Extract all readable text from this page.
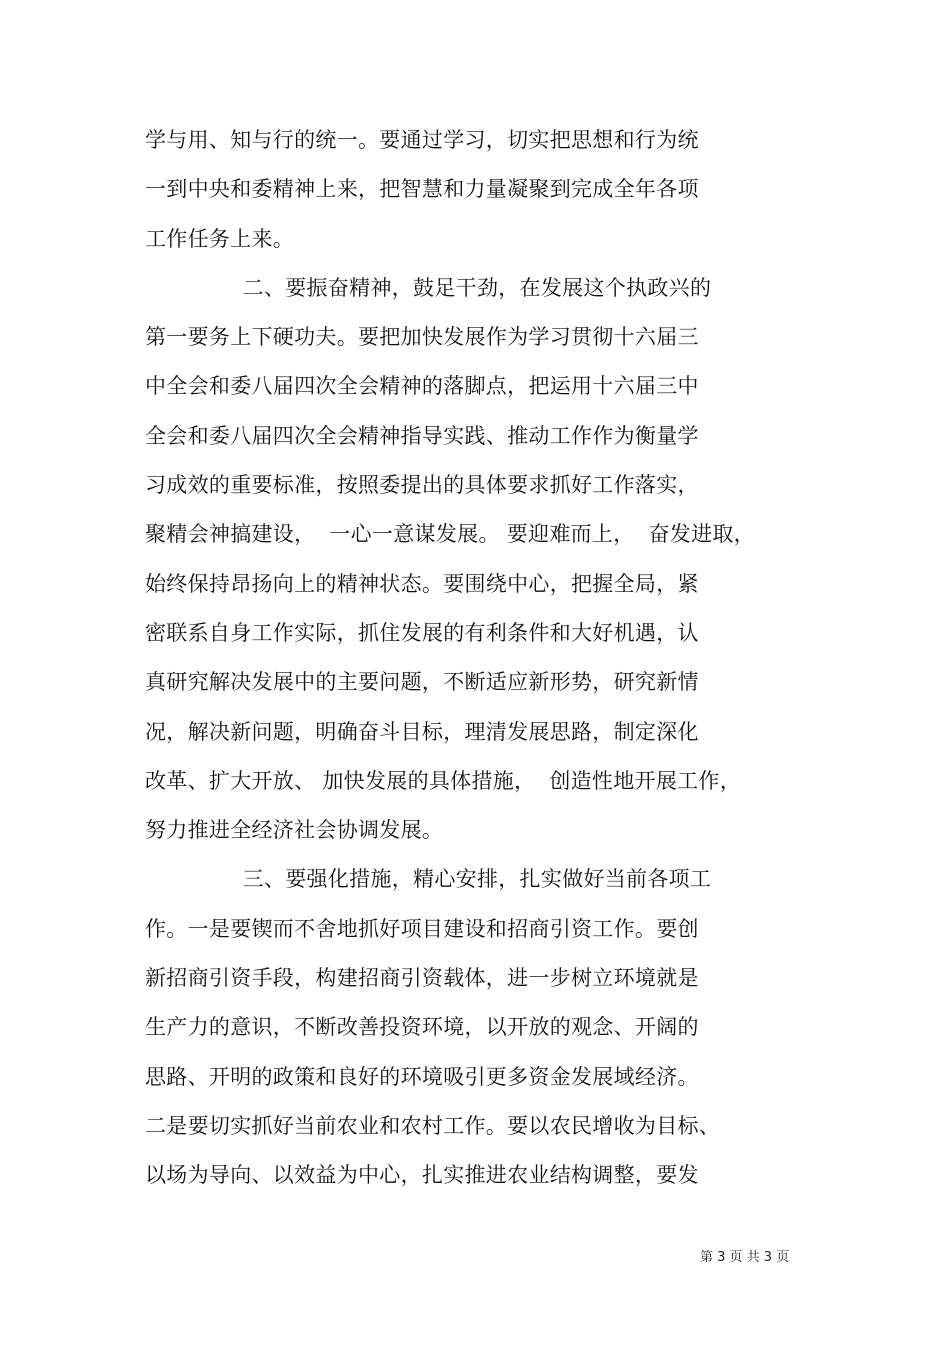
学与用、知与行的统一。要通过学习，切实把思想和行为统
一到中央和委精神上来，把智慧和力量凝聚到完成全年各项
工作任务上来。
二、要振奋精神，鼓足干劲，在发展这个执政兴的
第一要务上下硬功夫。要把加快发展作为学习贯彻十六届三
中全会和委八届四次全会精神的落脚点，把运用十六届三中
全会和委八届四次全会精神指导实践、推动工作作为衡量学
习成效的重要标准，按照委提出的具体要求抓好工作落实，
聚精会神搞建设，  一心一意谋发展。 要迎难而上，  奋发进取，
始终保持昂扬向上的精神状态。要围绕中心，把握全局，紧
密联系自身工作实际，抓住发展的有利条件和大好机遇，认
真研究解决发展中的主要问题，不断适应新形势，研究新情
况，解决新问题，明确奋斗目标，理清发展思路，制定深化
改革、扩大开放、 加快发展的具体措施，  创造性地开展工作，
努力推进全经济社会协调发展。
三、要强化措施，精心安排，扎实做好当前各项工
作。一是要锲而不舍地抓好项目建设和招商引资工作。要创
新招商引资手段，构建招商引资载体，进一步树立环境就是
生产力的意识，不断改善投资环境，以开放的观念、开阔的
思路、开明的政策和良好的环境吸引更多资金发展域经济。
二是要切实抓好当前农业和农村工作。要以农民增收为目标、
以场为导向、以效益为中心，扎实推进农业结构调整，要发
第 3 页 共 3 页
